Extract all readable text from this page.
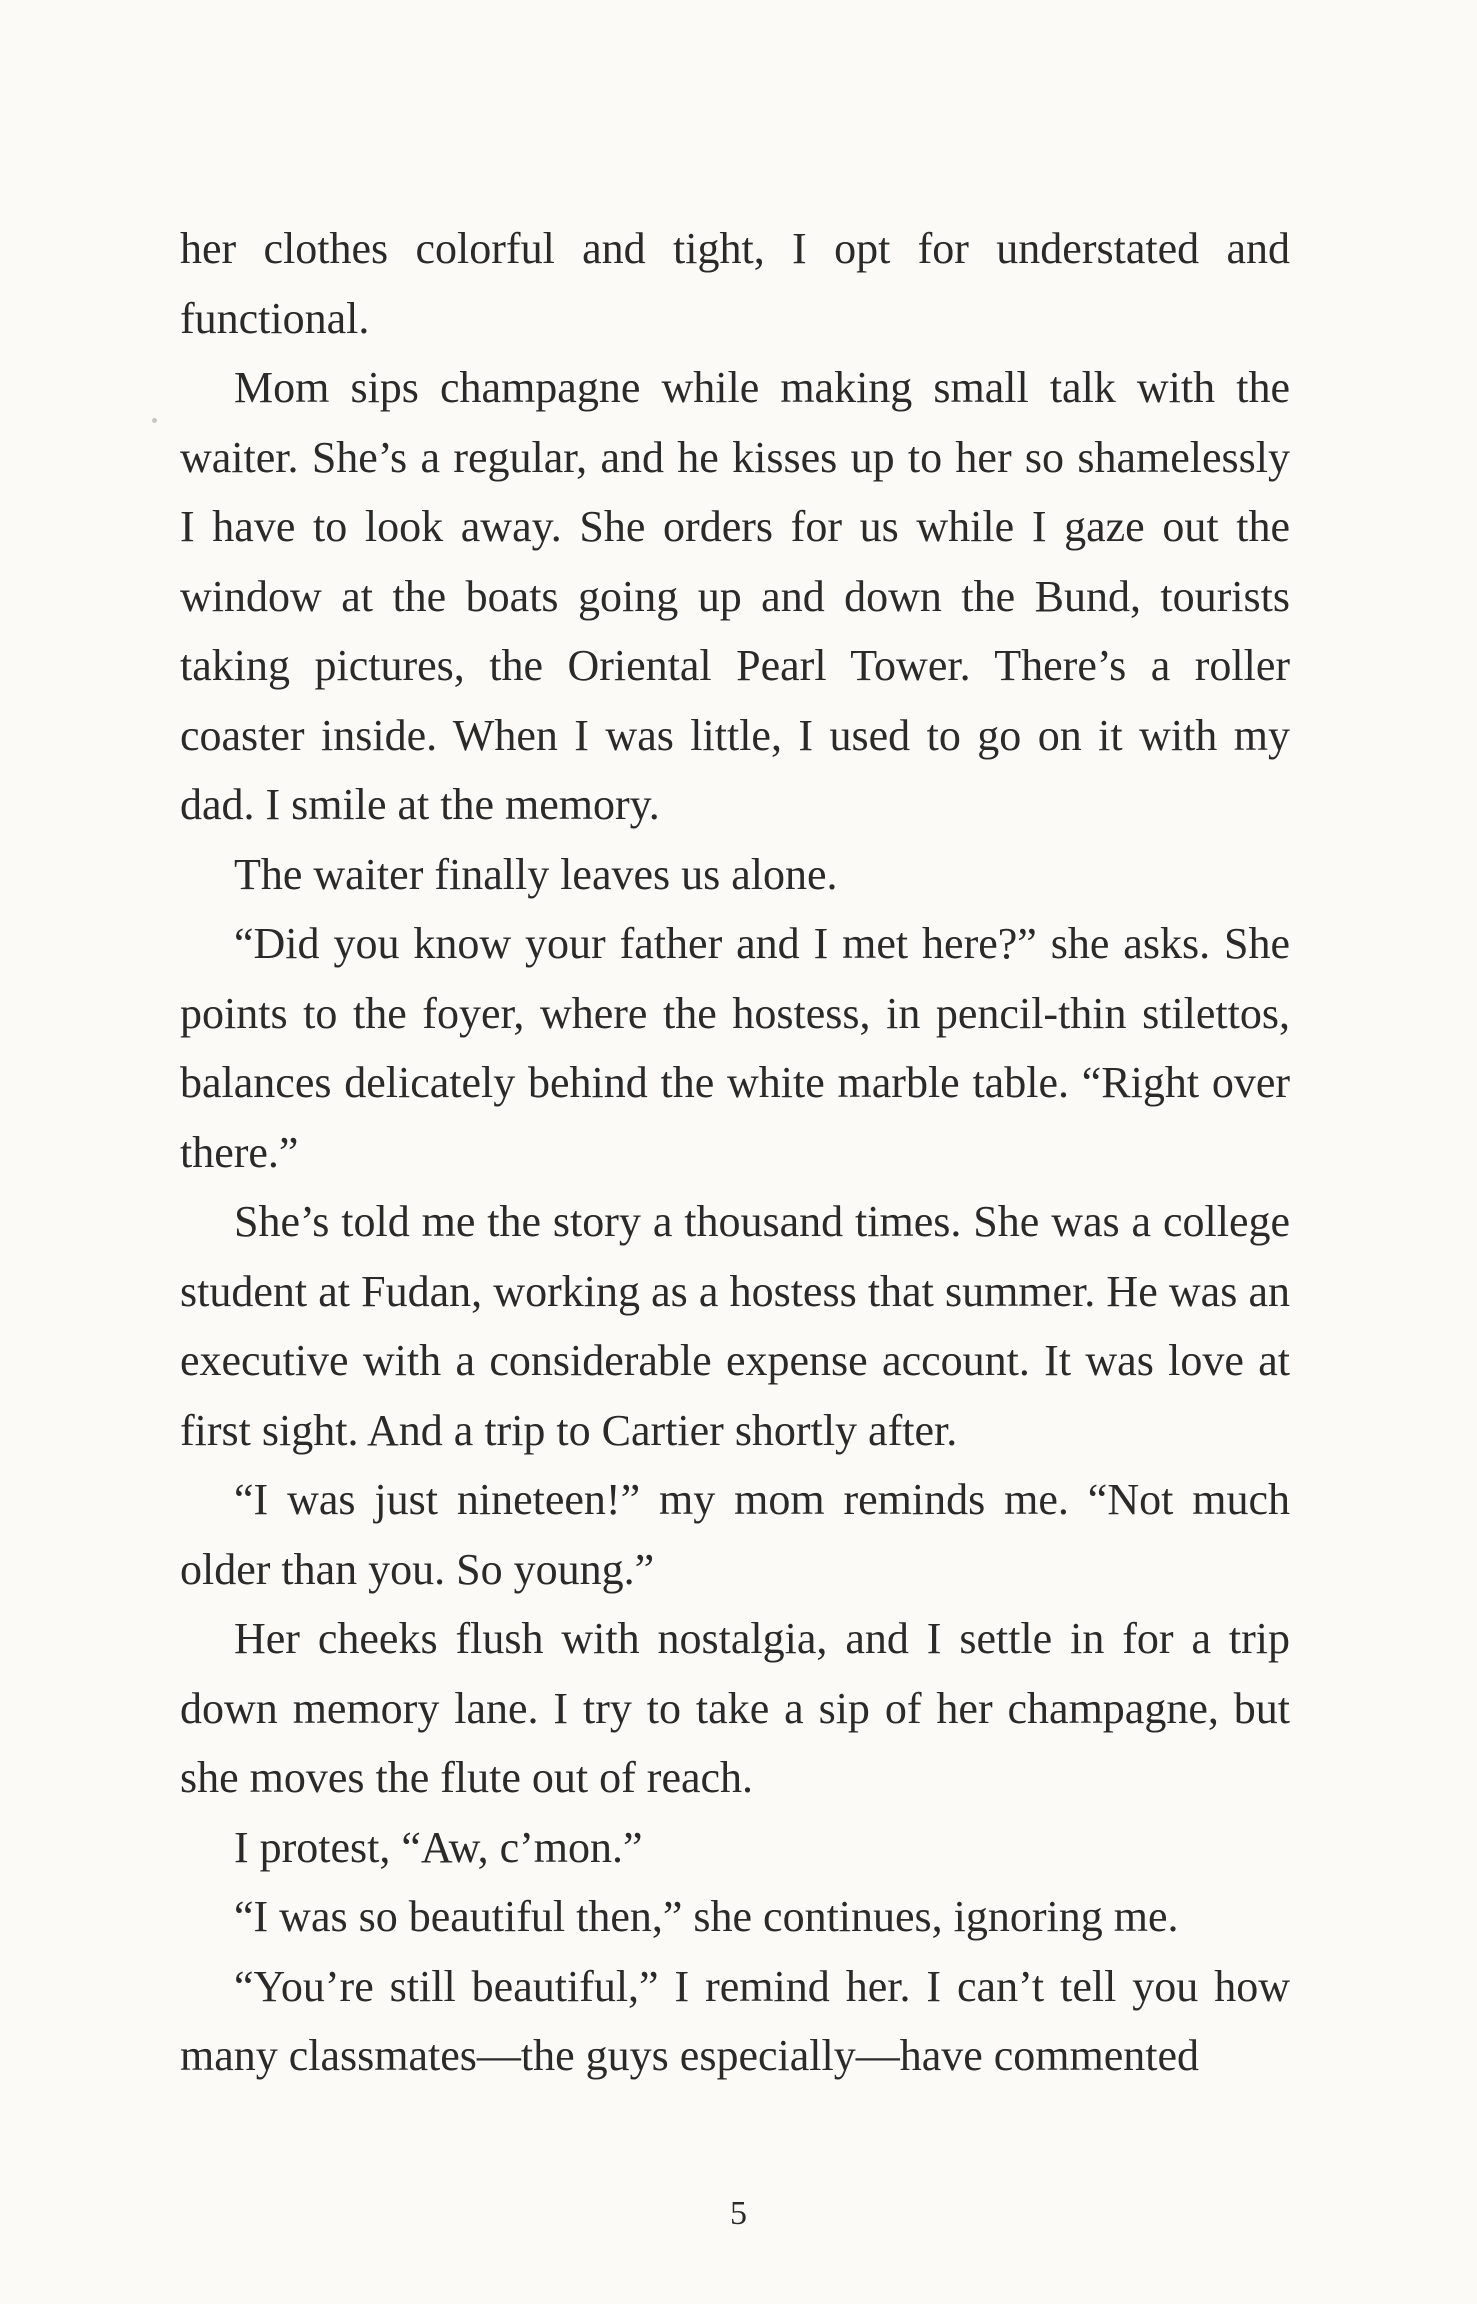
her clothes colorful and tight, I opt for understated and functional.

Mom sips champagne while making small talk with the waiter. She’s a regular, and he kisses up to her so shamelessly I have to look away. She orders for us while I gaze out the window at the boats going up and down the Bund, tourists taking pictures, the Oriental Pearl Tower. There’s a roller coaster inside. When I was little, I used to go on it with my dad. I smile at the memory.

The waiter finally leaves us alone.

“Did you know your father and I met here?” she asks. She points to the foyer, where the hostess, in pencil-thin stilettos, balances delicately behind the white marble table. “Right over there.”

She’s told me the story a thousand times. She was a college student at Fudan, working as a hostess that summer. He was an executive with a considerable expense account. It was love at first sight. And a trip to Cartier shortly after.

“I was just nineteen!” my mom reminds me. “Not much older than you. So young.”

Her cheeks flush with nostalgia, and I settle in for a trip down memory lane. I try to take a sip of her champagne, but she moves the flute out of reach.

I protest, “Aw, c’mon.”

“I was so beautiful then,” she continues, ignoring me.

“You’re still beautiful,” I remind her. I can’t tell you how many classmates—the guys especially—have commented

5
